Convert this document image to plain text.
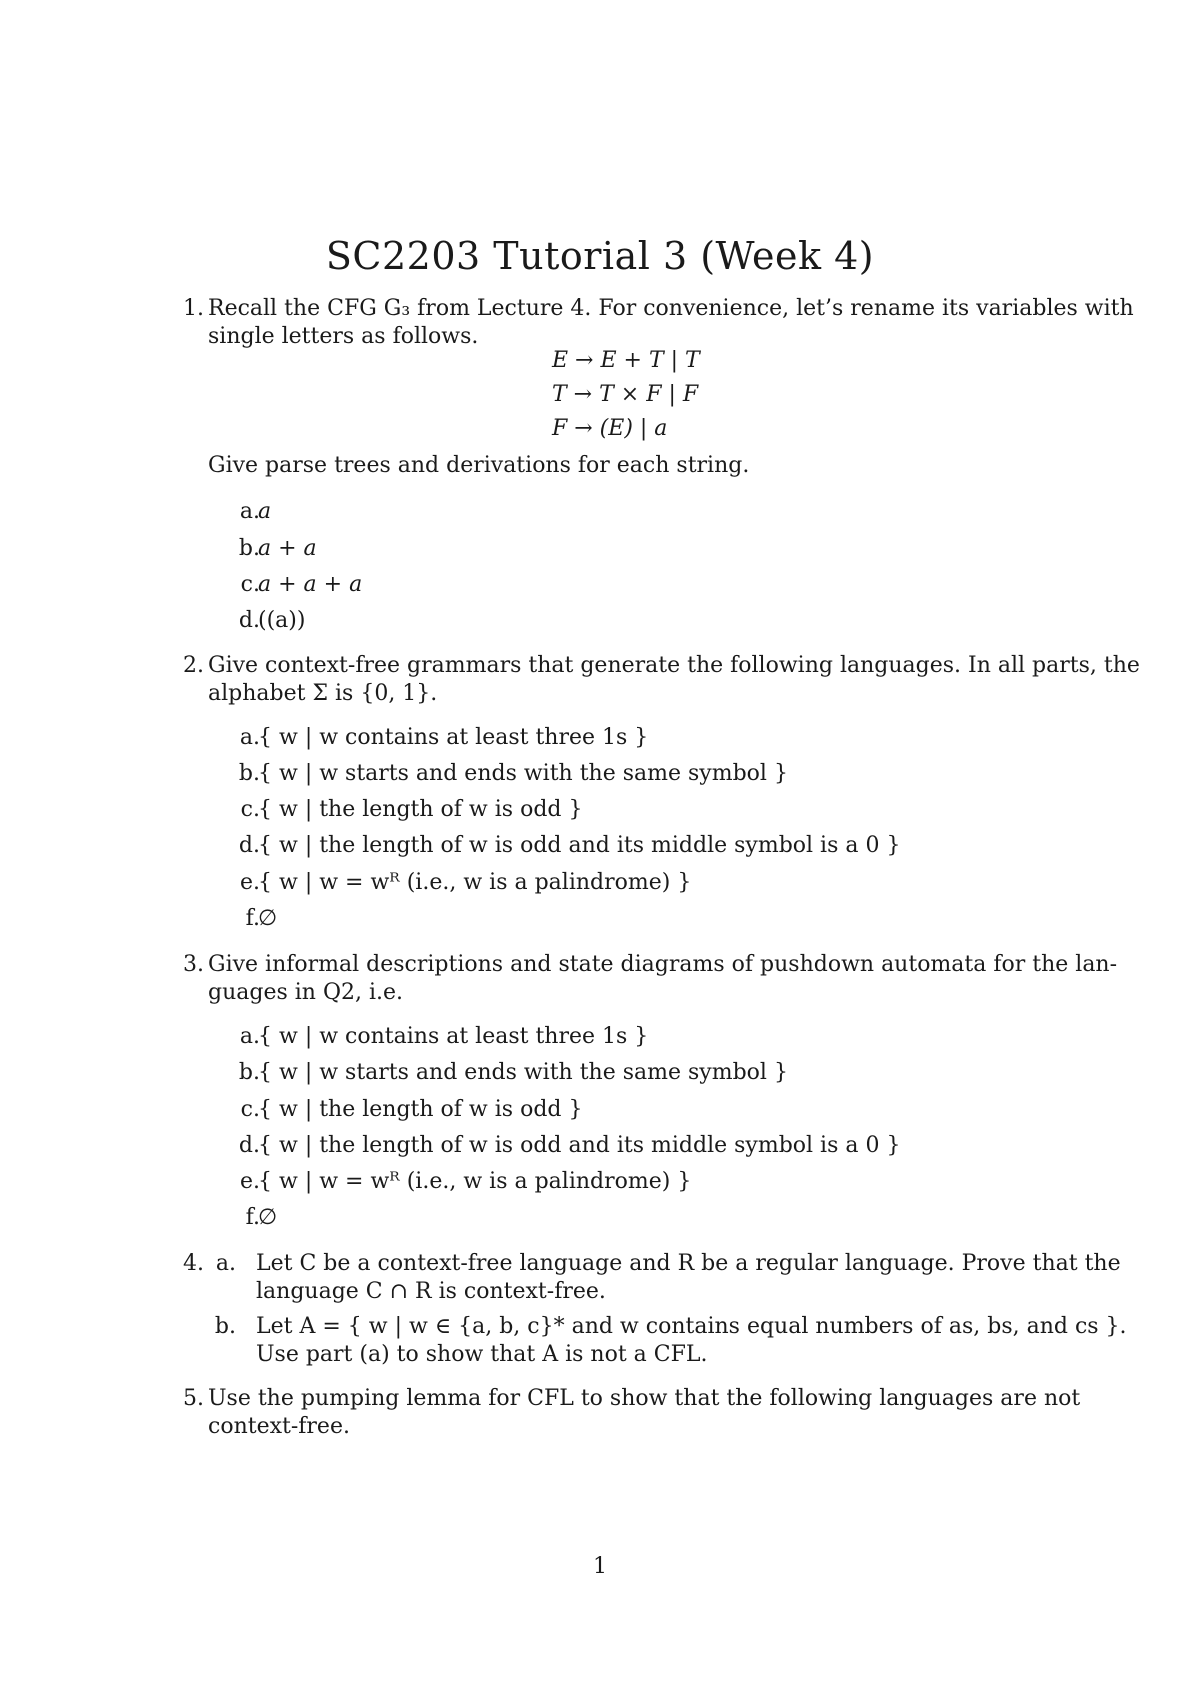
SC2203 Tutorial 3 (Week 4)
1. Recall the CFG G₃ from Lecture 4. For convenience, let’s rename its variables with
single letters as follows.
E → E + T | T
T → T × F | F
F → (E) | a
Give parse trees and derivations for each string.
a.
a
b.
a + a
c.
a + a + a
d.
((a))
2. Give context-free grammars that generate the following languages. In all parts, the
alphabet Σ is {0, 1}.
a.
{ w | w contains at least three 1s }
b.
{ w | w starts and ends with the same symbol }
c.
{ w | the length of w is odd }
d.
{ w | the length of w is odd and its middle symbol is a 0 }
e.
{ w | w = wᴿ (i.e., w is a palindrome) }
f.
∅
3. Give informal descriptions and state diagrams of pushdown automata for the lan-
guages in Q2, i.e.
a.
{ w | w contains at least three 1s }
b.
{ w | w starts and ends with the same symbol }
c.
{ w | the length of w is odd }
d.
{ w | the length of w is odd and its middle symbol is a 0 }
e.
{ w | w = wᴿ (i.e., w is a palindrome) }
f.
∅
4. a. Let C be a context-free language and R be a regular language. Prove that the
language C ∩ R is context-free.
b. Let A = { w | w ∈ {a, b, c}* and w contains equal numbers of as, bs, and cs }.
Use part (a) to show that A is not a CFL.
5. Use the pumping lemma for CFL to show that the following languages are not
context-free.
1
